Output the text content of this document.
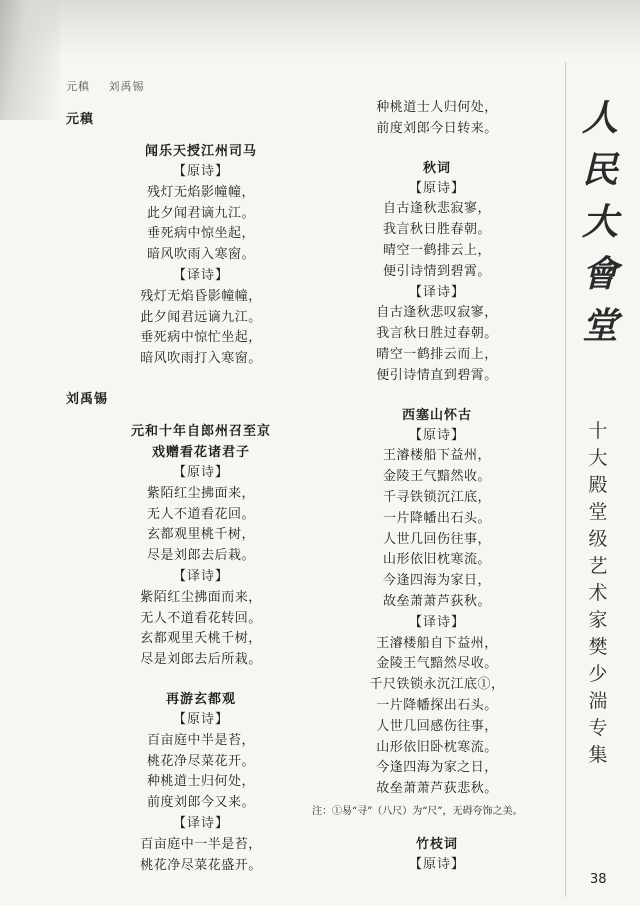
元稹 刘禹锡
元稹
闻乐天授江州司马
【原诗】
残灯无焰影幢幢，
此夕闻君谪九江。
垂死病中惊坐起，
暗风吹雨入寒窗。
【译诗】
残灯无焰昏影幢幢，
此夕闻君远谪九江。
垂死病中惊忙坐起，
暗风吹雨打入寒窗。
刘禹锡
元和十年自郎州召至京
戏赠看花诸君子
【原诗】
紫陌红尘拂面来，
无人不道看花回。
玄都观里桃千树，
尽是刘郎去后栽。
【译诗】
紫陌红尘拂面而来，
无人不道看花转回。
玄都观里夭桃千树，
尽是刘郎去后所栽。
再游玄都观
【原诗】
百亩庭中半是苔，
桃花净尽菜花开。
种桃道士归何处，
前度刘郎今又来。
【译诗】
百亩庭中一半是苔，
桃花净尽菜花盛开。
种桃道士人归何处，
前度刘郎今日转来。
秋词
【原诗】
自古逢秋悲寂寥，
我言秋日胜春朝。
晴空一鹤排云上，
便引诗情到碧霄。
【译诗】
自古逢秋悲叹寂寥，
我言秋日胜过春朝。
晴空一鹤排云而上，
便引诗情直到碧霄。
西塞山怀古
【原诗】
王濬楼船下益州，
金陵王气黯然收。
千寻铁锁沉江底，
一片降幡出石头。
人世几回伤往事，
山形依旧枕寒流。
今逢四海为家日，
故垒萧萧芦荻秋。
【译诗】
王濬楼船自下益州，
金陵王气黯然尽收。
千尺铁锁永沉江底①，
一片降幡探出石头。
人世几回感伤往事，
山形依旧卧枕寒流。
今逢四海为家之日，
故垒萧萧芦荻悲秋。
注：①易“寻”（八尺）为“尺”，无碍夸饰之美。
竹枝词
【原诗】
人
民
大
會
堂
十
大
殿
堂
级
艺
术
家
樊
少
湍
专
集
38
